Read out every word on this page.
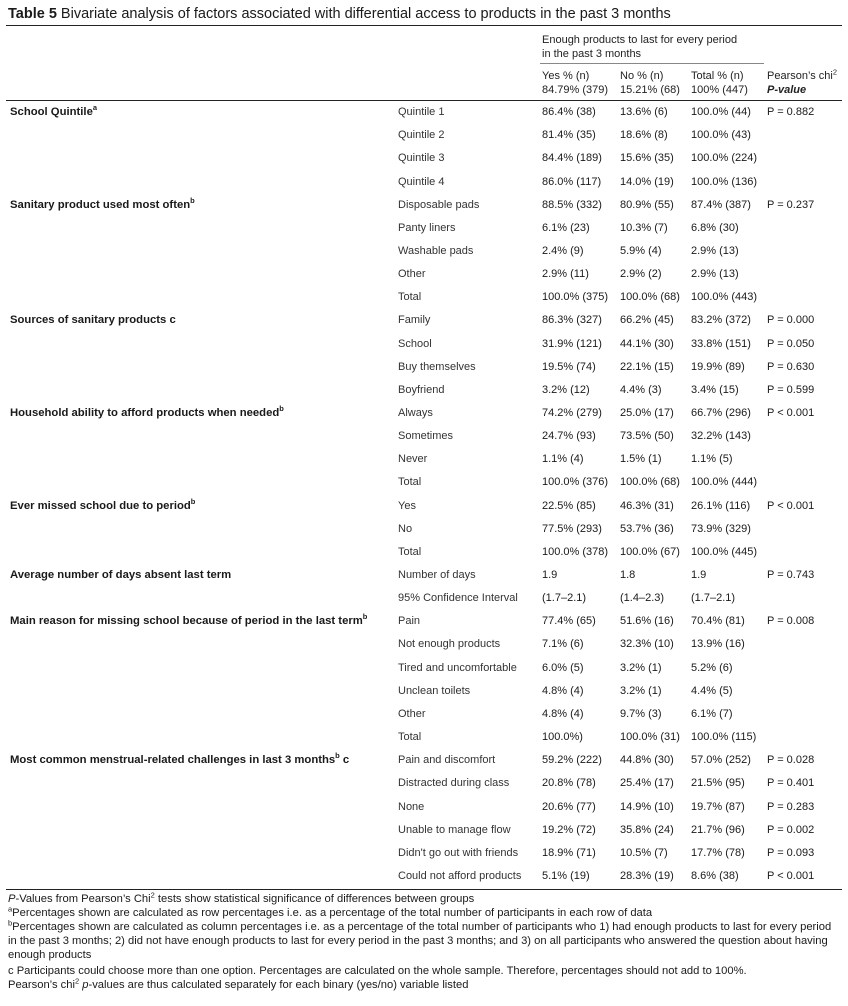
Table 5 Bivariate analysis of factors associated with differential access to products in the past 3 months
Enough products to last for every period
in the past 3 months
Yes % (n)
84.79% (379)
No % (n)
15.21% (68)
Total % (n)
100% (447)
Pearson’s chi$^2$
P-value
School Quintile$^a$	Quintile 1	86.4% (38) 13.6% (6) 100.0% (44) P = 0.882
Quintile 2	81.4% (35) 18.6% (8) 100.0% (43)
Quintile 3	84.4% (189) 15.6% (35) 100.0% (224)
Quintile 4	86.0% (117) 14.0% (19) 100.0% (136)
Sanitary product used most often$^b$	Disposable pads	88.5% (332) 80.9% (55) 87.4% (387) P = 0.237
Panty liners	6.1% (23)	10.3% (7) 6.8% (30)
Washable pads	2.4% (9)	5.9% (4)	2.9% (13)
Other	2.9% (11)	2.9% (2)	2.9% (13)
Total	100.0% (375) 100.0% (68) 100.0% (443)
Sources of sanitary products c	Family	86.3% (327) 66.2% (45) 83.2% (372) P = 0.000
School	31.9% (121) 44.1% (30) 33.8% (151) P = 0.050
Buy themselves	19.5% (74) 22.1% (15) 19.9% (89) P = 0.630
Boyfriend	3.2% (12)	4.4% (3)	3.4% (15)	P = 0.599
Household ability to afford products when needed$^b$	Always	74.2% (279) 25.0% (17) 66.7% (296) P < 0.001
Sometimes	24.7% (93) 73.5% (50) 32.2% (143)
Never	1.1% (4)	1.5% (1)	1.1% (5)
Total	100.0% (376) 100.0% (68) 100.0% (444)
Ever missed school due to period$^b$	Yes	22.5% (85) 46.3% (31) 26.1% (116) P < 0.001
No	77.5% (293) 53.7% (36) 73.9% (329)
Total	100.0% (378) 100.0% (67) 100.0% (445)
Average number of days absent last term	Number of days	1.9	1.8	1.9	P = 0.743
95% Confidence Interval (1.7–2.1)	(1.4–2.3) (1.7–2.1)
Main reason for missing school because of period in the last term$^b$	Pain	77.4% (65) 51.6% (16) 70.4% (81) P = 0.008
Not enough products	7.1% (6)	32.3% (10) 13.9% (16)
Tired and uncomfortable 6.0% (5)	3.2% (1)	5.2% (6)
Unclean toilets	4.8% (4)	3.2% (1)	4.4% (5)
Other	4.8% (4)	9.7% (3)	6.1% (7)
Total	100.0%)	100.0% (31) 100.0% (115)
Most common menstrual-related challenges in last 3 months$^b$ c	Pain and discomfort	59.2% (222) 44.8% (30) 57.0% (252) P = 0.028
Distracted during class	20.8% (78) 25.4% (17) 21.5% (95) P = 0.401
None	20.6% (77) 14.9% (10) 19.7% (87) P = 0.283
Unable to manage flow	19.2% (72) 35.8% (24) 21.7% (96) P = 0.002
Didn't go out with friends 18.9% (71) 10.5% (7) 17.7% (78) P = 0.093
Could not afford products 5.1% (19)	28.3% (19) 8.6% (38)	P < 0.001
P-Values from Pearson’s Chi$^2$ tests show statistical significance of differences between groups
$^a$Percentages shown are calculated as row percentages i.e. as a percentage of the total number of participants in each row of data
$^b$Percentages shown are calculated as column percentages i.e. as a percentage of the total number of participants who 1) had enough products to last for every period in the past 3 months; 2) did not have enough products to last for every period in the past 3 months; and 3) on all participants who answered the question about having enough products
c Participants could choose more than one option. Percentages are calculated on the whole sample. Therefore, percentages should not add to 100%.
Pearson’s chi$^2$ p-values are thus calculated separately for each binary (yes/no) variable listed
